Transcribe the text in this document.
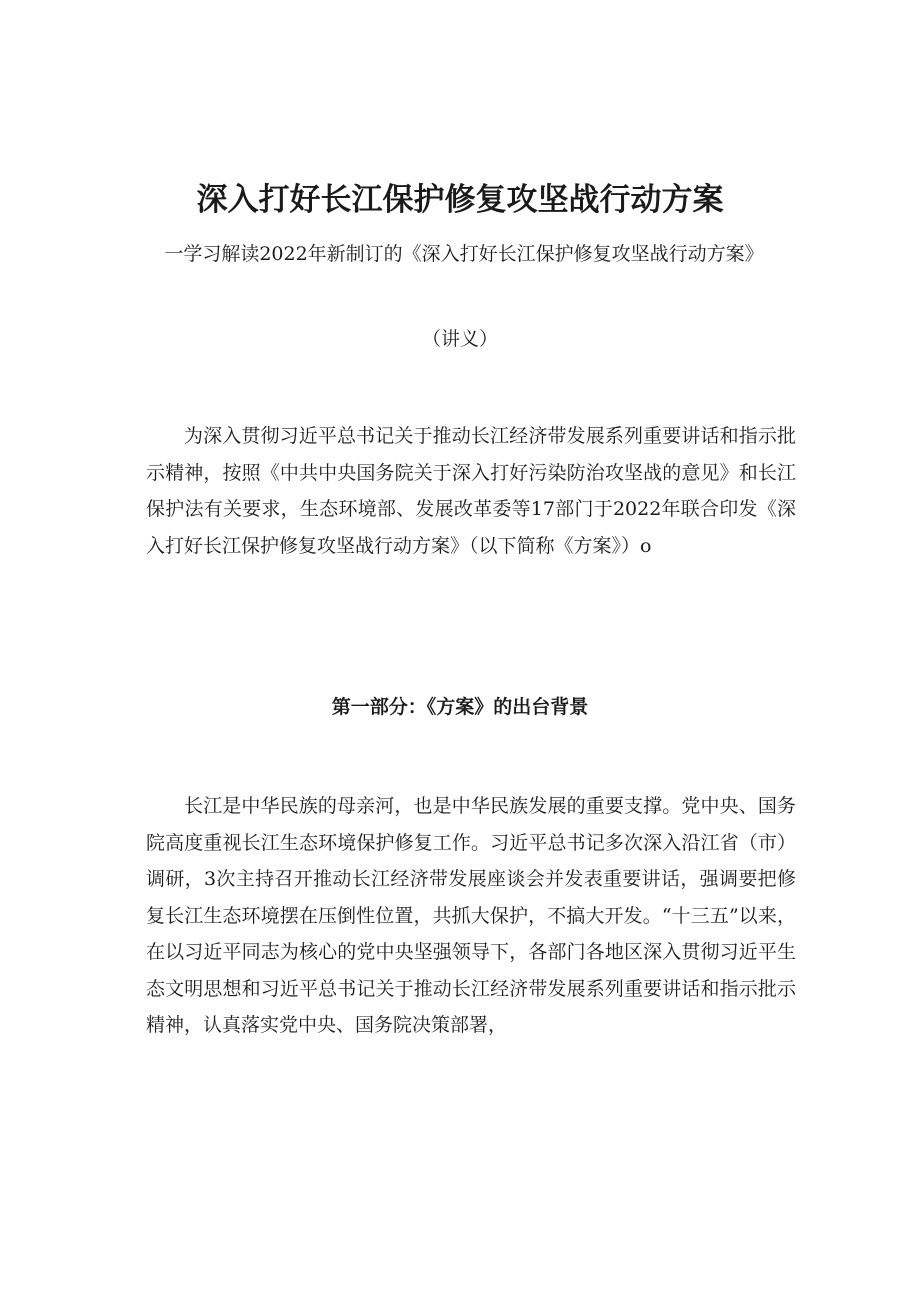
深入打好长江保护修复攻坚战行动方案

一学习解读2022年新制订的《深入打好长江保护修复攻坚战行动方案》

（讲义）

为深入贯彻习近平总书记关于推动长江经济带发展系列重要讲话和指示批示精神，按照《中共中央国务院关于深入打好污染防治攻坚战的意见》和长江保护法有关要求，生态环境部、发展改革委等17部门于2022年联合印发《深入打好长江保护修复攻坚战行动方案》（以下简称《方案》）o

第一部分：《方案》的出台背景

长江是中华民族的母亲河，也是中华民族发展的重要支撑。党中央、国务院高度重视长江生态环境保护修复工作。习近平总书记多次深入沿江省（市）调研，3次主持召开推动长江经济带发展座谈会并发表重要讲话，强调要把修复长江生态环境摆在压倒性位置，共抓大保护，不搞大开发。“十三五”以来，在以习近平同志为核心的党中央坚强领导下，各部门各地区深入贯彻习近平生态文明思想和习近平总书记关于推动长江经济带发展系列重要讲话和指示批示精神，认真落实党中央、国务院决策部署，
